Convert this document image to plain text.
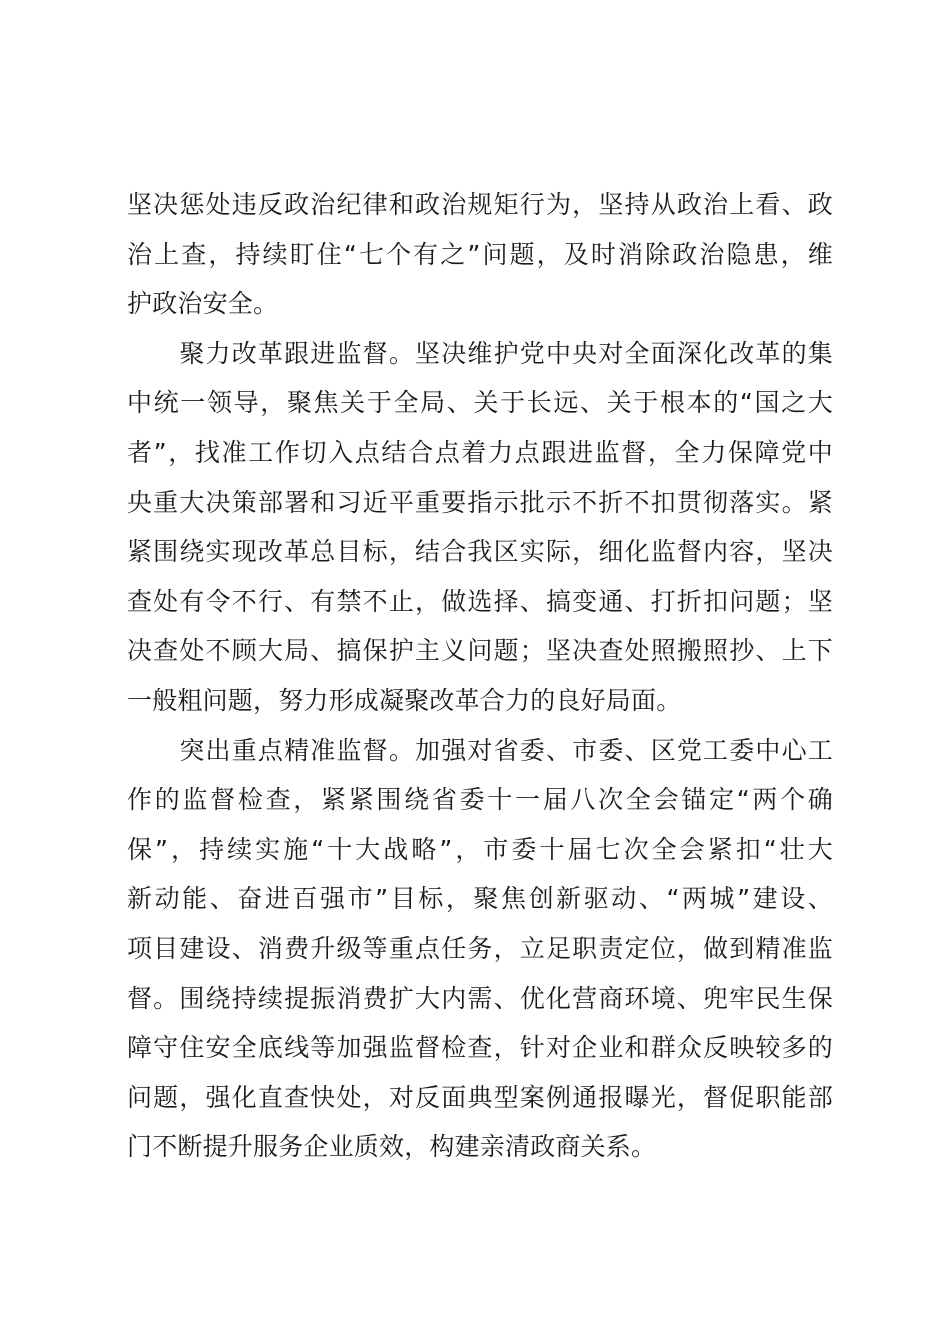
坚决惩处违反政治纪律和政治规矩行为，坚持从政治上看、政
治上查，持续盯住“七个有之”问题，及时消除政治隐患，维
护政治安全。
　　聚力改革跟进监督。坚决维护党中央对全面深化改革的集
中统一领导，聚焦关于全局、关于长远、关于根本的“国之大
者”，找准工作切入点结合点着力点跟进监督，全力保障党中
央重大决策部署和习近平重要指示批示不折不扣贯彻落实。紧
紧围绕实现改革总目标，结合我区实际，细化监督内容，坚决
查处有令不行、有禁不止，做选择、搞变通、打折扣问题；坚
决查处不顾大局、搞保护主义问题；坚决查处照搬照抄、上下
一般粗问题，努力形成凝聚改革合力的良好局面。
　　突出重点精准监督。加强对省委、市委、区党工委中心工
作的监督检查，紧紧围绕省委十一届八次全会锚定“两个确
保”，持续实施“十大战略”，市委十届七次全会紧扣“壮大
新动能、奋进百强市”目标，聚焦创新驱动、“两城”建设、
项目建设、消费升级等重点任务，立足职责定位，做到精准监
督。围绕持续提振消费扩大内需、优化营商环境、兜牢民生保
障守住安全底线等加强监督检查，针对企业和群众反映较多的
问题，强化直查快处，对反面典型案例通报曝光，督促职能部
门不断提升服务企业质效，构建亲清政商关系。
